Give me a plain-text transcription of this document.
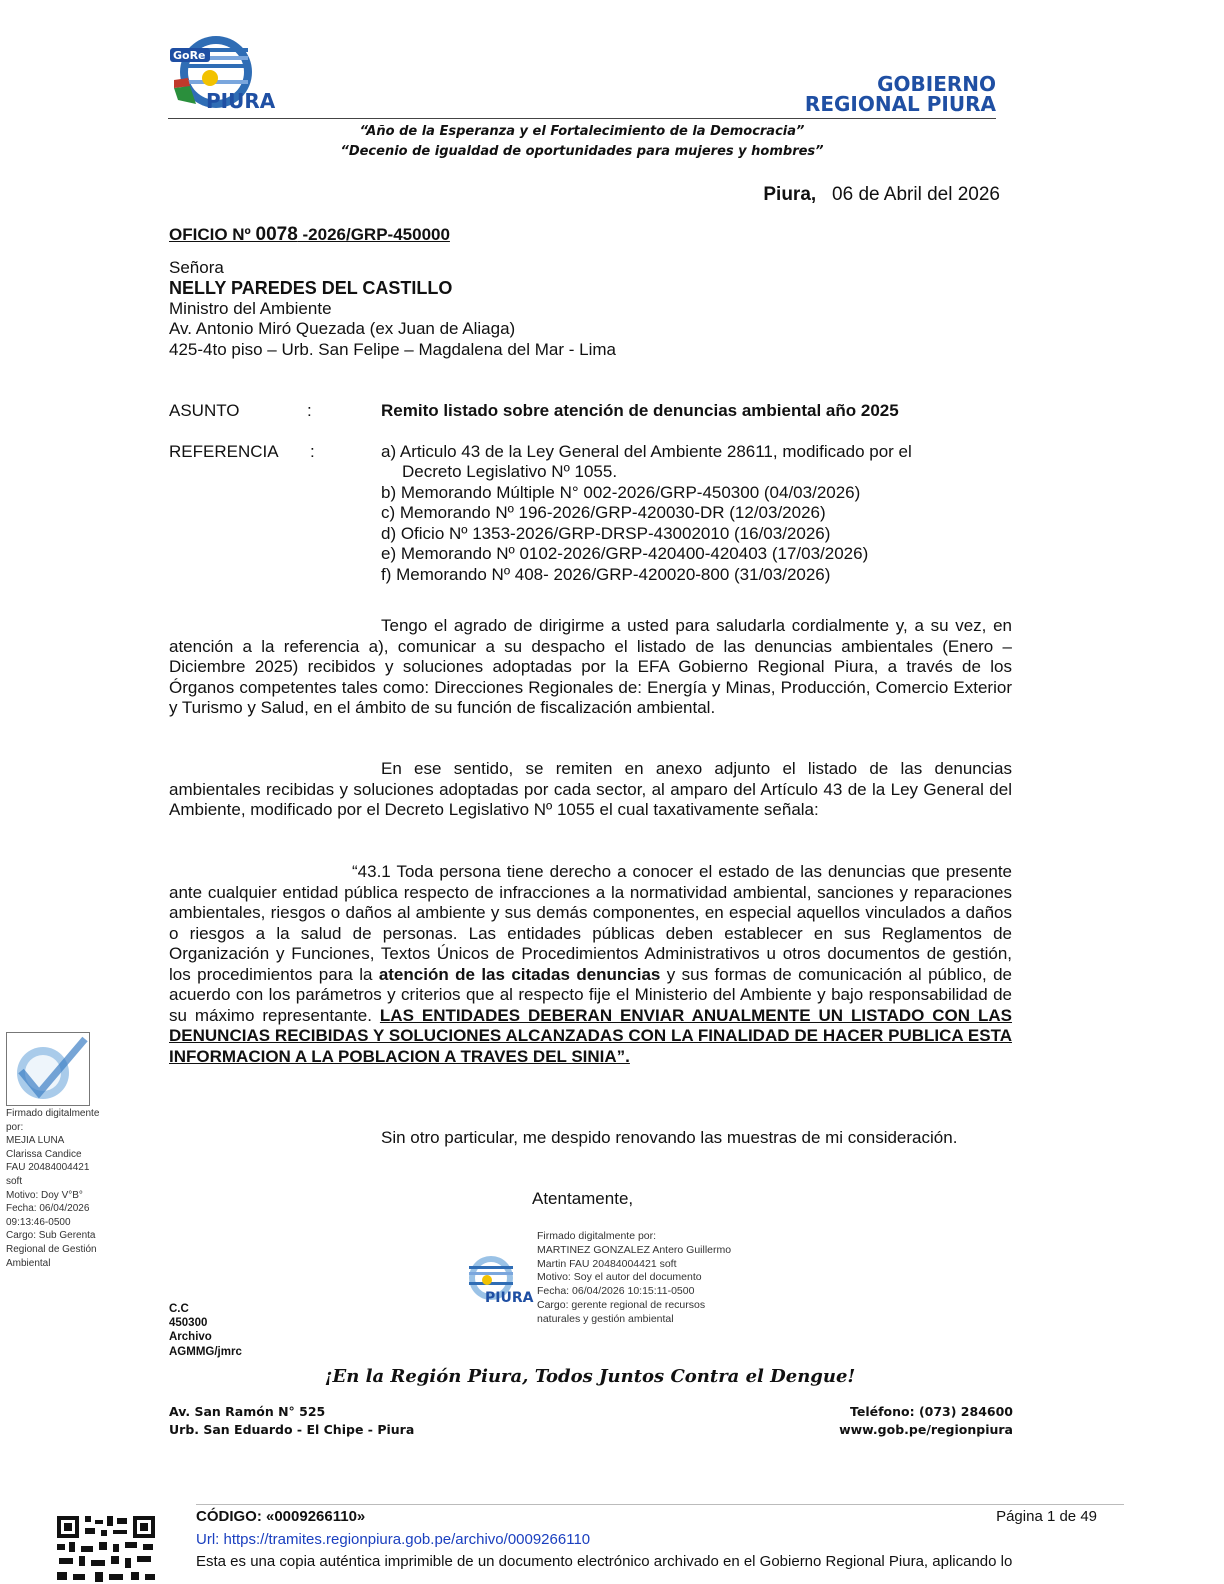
GoRe
PIURA
GOBIERNO
REGIONAL PIURA
“Año de la Esperanza y el Fortalecimiento de la Democracia”
“Decenio de igualdad de oportunidades para mujeres y hombres”
Piura, 06 de Abril del 2026
OFICIO Nº 0078 -2026/GRP-450000
Señora
NELLY PAREDES DEL CASTILLO
Ministro del Ambiente
Av. Antonio Miró Quezada (ex Juan de Aliaga)
425-4to piso – Urb. San Felipe – Magdalena del Mar - Lima
ASUNTO	:	Remito listado sobre atención de denuncias ambiental año 2025
REFERENCIA :	a) Articulo 43 de la Ley General del Ambiente 28611, modificado por el
Decreto Legislativo Nº 1055.
b) Memorando Múltiple N° 002-2026/GRP-450300 (04/03/2026)
c) Memorando Nº 196-2026/GRP-420030-DR (12/03/2026)
d) Oficio Nº 1353-2026/GRP-DRSP-43002010 (16/03/2026)
e) Memorando Nº 0102-2026/GRP-420400-420403 (17/03/2026)
f) Memorando Nº 408- 2026/GRP-420020-800 (31/03/2026)
Tengo el agrado de dirigirme a usted para saludarla cordialmente y, a su vez, en atención a la referencia a), comunicar a su despacho el listado de las denuncias ambientales (Enero – Diciembre 2025) recibidos y soluciones adoptadas por la EFA Gobierno Regional Piura, a través de los Órganos competentes tales como: Direcciones Regionales de: Energía y Minas, Producción, Comercio Exterior y Turismo y Salud, en el ámbito de su función de fiscalización ambiental.
En ese sentido, se remiten en anexo adjunto el listado de las denuncias ambientales recibidas y soluciones adoptadas por cada sector, al amparo del Artículo 43 de la Ley General del Ambiente, modificado por el Decreto Legislativo Nº 1055 el cual taxativamente señala:
“43.1 Toda persona tiene derecho a conocer el estado de las denuncias que presente ante cualquier entidad pública respecto de infracciones a la normatividad ambiental, sanciones y reparaciones ambientales, riesgos o daños al ambiente y sus demás componentes, en especial aquellos vinculados a daños o riesgos a la salud de personas. Las entidades públicas deben establecer en sus Reglamentos de Organización y Funciones, Textos Únicos de Procedimientos Administrativos u otros documentos de gestión, los procedimientos para la atención de las citadas denuncias y sus formas de comunicación al público, de acuerdo con los parámetros y criterios que al respecto fije el Ministerio del Ambiente y bajo responsabilidad de su máximo representante. LAS ENTIDADES DEBERAN ENVIAR ANUALMENTE UN LISTADO CON LAS DENUNCIAS RECIBIDAS Y SOLUCIONES ALCANZADAS CON LA FINALIDAD DE HACER PUBLICA ESTA INFORMACION A LA POBLACION A TRAVES DEL SINIA”.
Sin otro particular, me despido renovando las muestras de mi consideración.
Atentamente,
Firmado digitalmente
por:
MEJIA LUNA
Clarissa Candice
FAU 20484004421
soft
Motivo: Doy V°B°
Fecha: 06/04/2026
09:13:46-0500
Cargo: Sub Gerenta
Regional de Gestión
Ambiental
PIURA
Firmado digitalmente por:
MARTINEZ GONZALEZ Antero Guillermo
Martin FAU 20484004421 soft
Motivo: Soy el autor del documento
Fecha: 06/04/2026 10:15:11-0500
Cargo: gerente regional de recursos
naturales y gestión ambiental
C.C
450300
Archivo
AGMMG/jmrc
¡En la Región Piura, Todos Juntos Contra el Dengue!
Av. San Ramón N° 525
Urb. San Eduardo - El Chipe - Piura
Teléfono: (073) 284600
www.gob.pe/regionpiura
CÓDIGO: «0009266110»	Página 1 de 49
Url: https://tramites.regionpiura.gob.pe/archivo/0009266110
Esta es una copia auténtica imprimible de un documento electrónico archivado en el Gobierno Regional Piura, aplicando lo
